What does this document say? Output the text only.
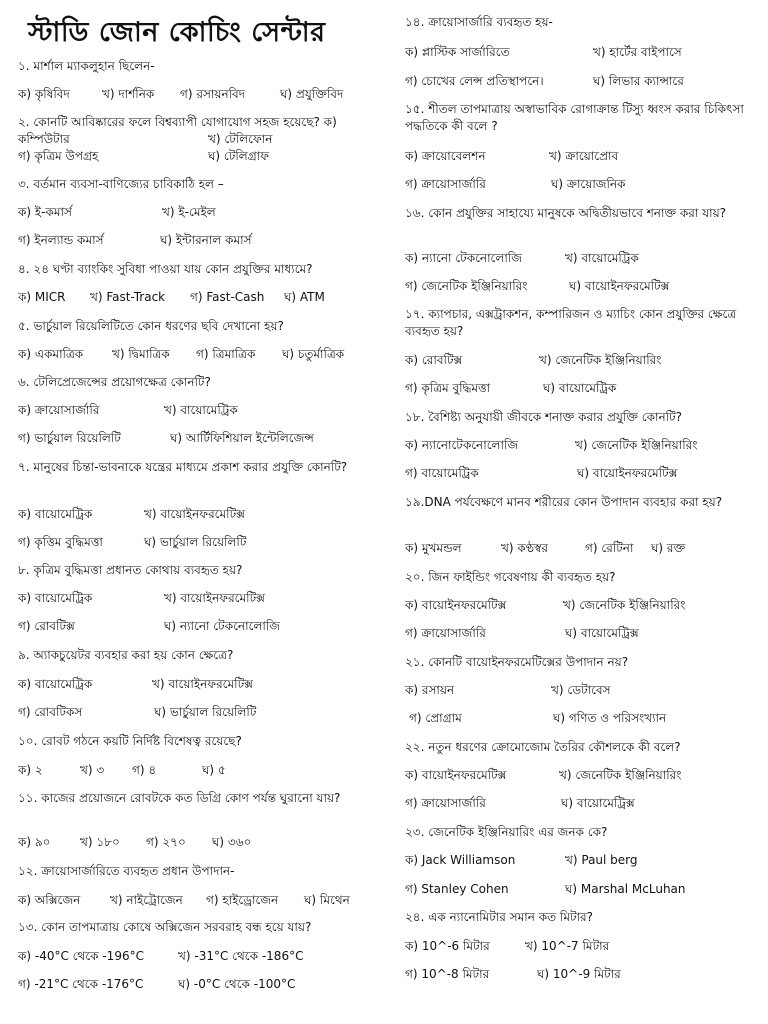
স্টাডি জোন কোচিং সেন্টার
১. মার্শাল ম্যাকলুহান ছিলেন-
ক) কৃষিবিদ	খ) দার্শনিক গ) রসায়নবিদ	ঘ) প্রযুক্তিবিদ
২. কোনটি আবিষ্কারের ফলে বিশ্বব্যাপী যোগাযোগ সহজ হয়েছে? ক) কম্পিউটার	খ) টেলিফোন
গ) কৃত্রিম উপগ্রহ	ঘ) টেলিগ্রাফ
৩. বর্তমান ব্যবসা-বাণিজ্যের চাবিকাঠি হল –
ক) ই-কমার্স	খ) ই-মেইল
গ) ইনল্যান্ড কমার্স	ঘ) ইন্টারনাল কমার্স
৪. ২৪ ঘণ্টা ব্যাংকিং সুবিধা পাওয়া যায় কোন প্রযুক্তির মাধ্যমে?
ক) MICR খ) Fast-Track গ) Fast-Cash ঘ) ATM
৫. ভার্চুয়াল রিয়েলিটিতে কোন ধরণের ছবি দেখানো হয়?
ক) একমাত্রিক খ) দ্বিমাত্রিক গ) ত্রিমাত্রিক ঘ) চতুর্মাত্রিক
৬. টেলিপ্রেজেন্সের প্রয়োগক্ষেত্র কোনটি?
ক) ক্রায়োসার্জারি	খ) বায়োমেট্রিক
গ) ভার্চুয়াল রিয়েলিটি	ঘ) আর্টিফিশিয়াল ইন্টেলিজেন্স
৭. মানুষের চিন্তা-ভাবনাকে যন্ত্রের মাধ্যমে প্রকাশ করার প্রযুক্তি কোনটি?
ক) বায়োমেট্রিক	খ) বায়োইনফরমেটিক্স
গ) কৃত্তিম বুদ্ধিমত্তা	ঘ) ভার্চুয়াল রিয়েলিটি
৮. কৃত্রিম বুদ্ধিমত্তা প্রধানত কোথায় ব্যবহৃত হয়?
ক) বায়োমেট্রিক	খ) বায়োইনফরমেটিক্স
গ) রোবটিক্স	ঘ) ন্যানো টেকনোলোজি
৯. অ্যাকচুয়েটর ব্যবহার করা হয় কোন ক্ষেত্রে?
ক) বায়োমেট্রিক	খ) বায়োইনফরমেটিক্স
গ) রোবটিকস	ঘ) ভার্চুয়াল রিয়েলিটি
১০. রোবট গঠনে কয়টি নির্দিষ্ট বিশেষত্ব রয়েছে?
ক) ২	খ) ৩ গ) ৪	ঘ) ৫
১১. কাজের প্রয়োজনে রোবটকে কত ডিগ্রি কোণ পর্যন্ত ঘুরানো যায়?
ক) ৯০ খ) ১৮০ গ) ২৭০ ঘ) ৩৬০
১২. ক্রায়োসার্জারিতে ব্যবহৃত প্রধান উপাদান-
ক) অক্সিজেন খ) নাইট্রোজেন গ) হাইড্রোজেন ঘ) মিথেন
১৩. কোন তাপমাত্রায় কোষে অক্সিজেন সরবরাহ বন্ধ হয়ে যায়?
ক) -40°C থেকে -196°C	খ) -31°C থেকে -186°C
গ) -21°C থেকে -176°C	ঘ) -0°C থেকে -100°C
১৪. ক্রায়োসার্জারি ব্যবহৃত হয়-
ক) প্লাস্টিক সার্জারিতে	খ) হার্টের বাইপাসে
গ) চোখের লেন্স প্রতিস্থাপনে।	ঘ) লিভার ক্যান্সারে
১৫. শীতল তাপমাত্রায় অস্বাভাবিক রোগাক্রান্ত টিস্যু ধ্বংস করার চিকিৎসা পদ্ধতিকে কী বলে ?
ক) ক্রায়োবেলশন	খ) ক্রায়োপ্রোব
গ) ক্রায়োসার্জারি	ঘ) ক্রায়োজনিক
১৬. কোন প্রযুক্তির সাহায্যে মানুষকে অদ্বিতীয়ভাবে শনাক্ত করা যায়?
ক) ন্যানো টেকনোলোজি	খ) বায়োমেট্রিক
গ) জেনেটিক ইঞ্জিনিয়ারিং	ঘ) বায়োইনফরমেটিক্স
১৭. ক্যাপচার, এক্সট্রাকশন, কম্পারিজন ও ম্যাচিং কোন প্রযুক্তির ক্ষেত্রে ব্যবহৃত হয়?
ক) রোবটিক্স	খ) জেনেটিক ইঞ্জিনিয়ারিং
গ) কৃত্রিম বুদ্ধিমত্তা	ঘ) বায়োমেট্রিক
১৮. বৈশিষ্ট্য অনুযায়ী জীবকে শনাক্ত করার প্রযুক্তি কোনটি?
ক) ন্যানোটেকনোলোজি	খ) জেনেটিক ইঞ্জিনিয়ারিং
গ) বায়োমেট্রিক	ঘ) বায়োইনফরমেটিক্স
১৯.DNA পর্যবেক্ষণে মানব শরীরের কোন উপাদান ব্যবহার করা হয়?
ক) মুখমন্ডল	খ) কণ্ঠস্বর	গ) রেটিনা ঘ) রক্ত
২০. জিন ফাইন্ডিং গবেষণায় কী ব্যবহৃত হয়?
ক) বায়োইনফরমেটিক্স	খ) জেনেটিক ইঞ্জিনিয়ারিং
গ) ক্রায়োসার্জারি	ঘ) বায়োমেট্রিক্স
২১. কোনটি বায়োইনফরমেটিক্সের উপাদান নয়?
ক) রসায়ন	খ) ডেটাবেস
গ) প্রোগ্রাম	ঘ) গণিত ও পরিসংখ্যান
২২. নতুন ধরণের ক্রোমোজোম তৈরির কৌশলকে কী বলে?
ক) বায়োইনফরমেটিক্স	খ) জেনেটিক ইঞ্জিনিয়ারিং
গ) ক্রায়োসার্জারি	ঘ) বায়োমেট্রিক্স
২৩. জেনেটিক ইঞ্জিনিয়ারিং এর জনক কে?
ক) Jack Williamson	খ) Paul berg
গ) Stanley Cohen	ঘ) Marshal McLuhan
২৪. এক ন্যানোমিটার সমান কত মিটার?
ক) 10^-6 মিটার	খ) 10^-7 মিটার
গ) 10^-8 মিটার	ঘ) 10^-9 মিটার
